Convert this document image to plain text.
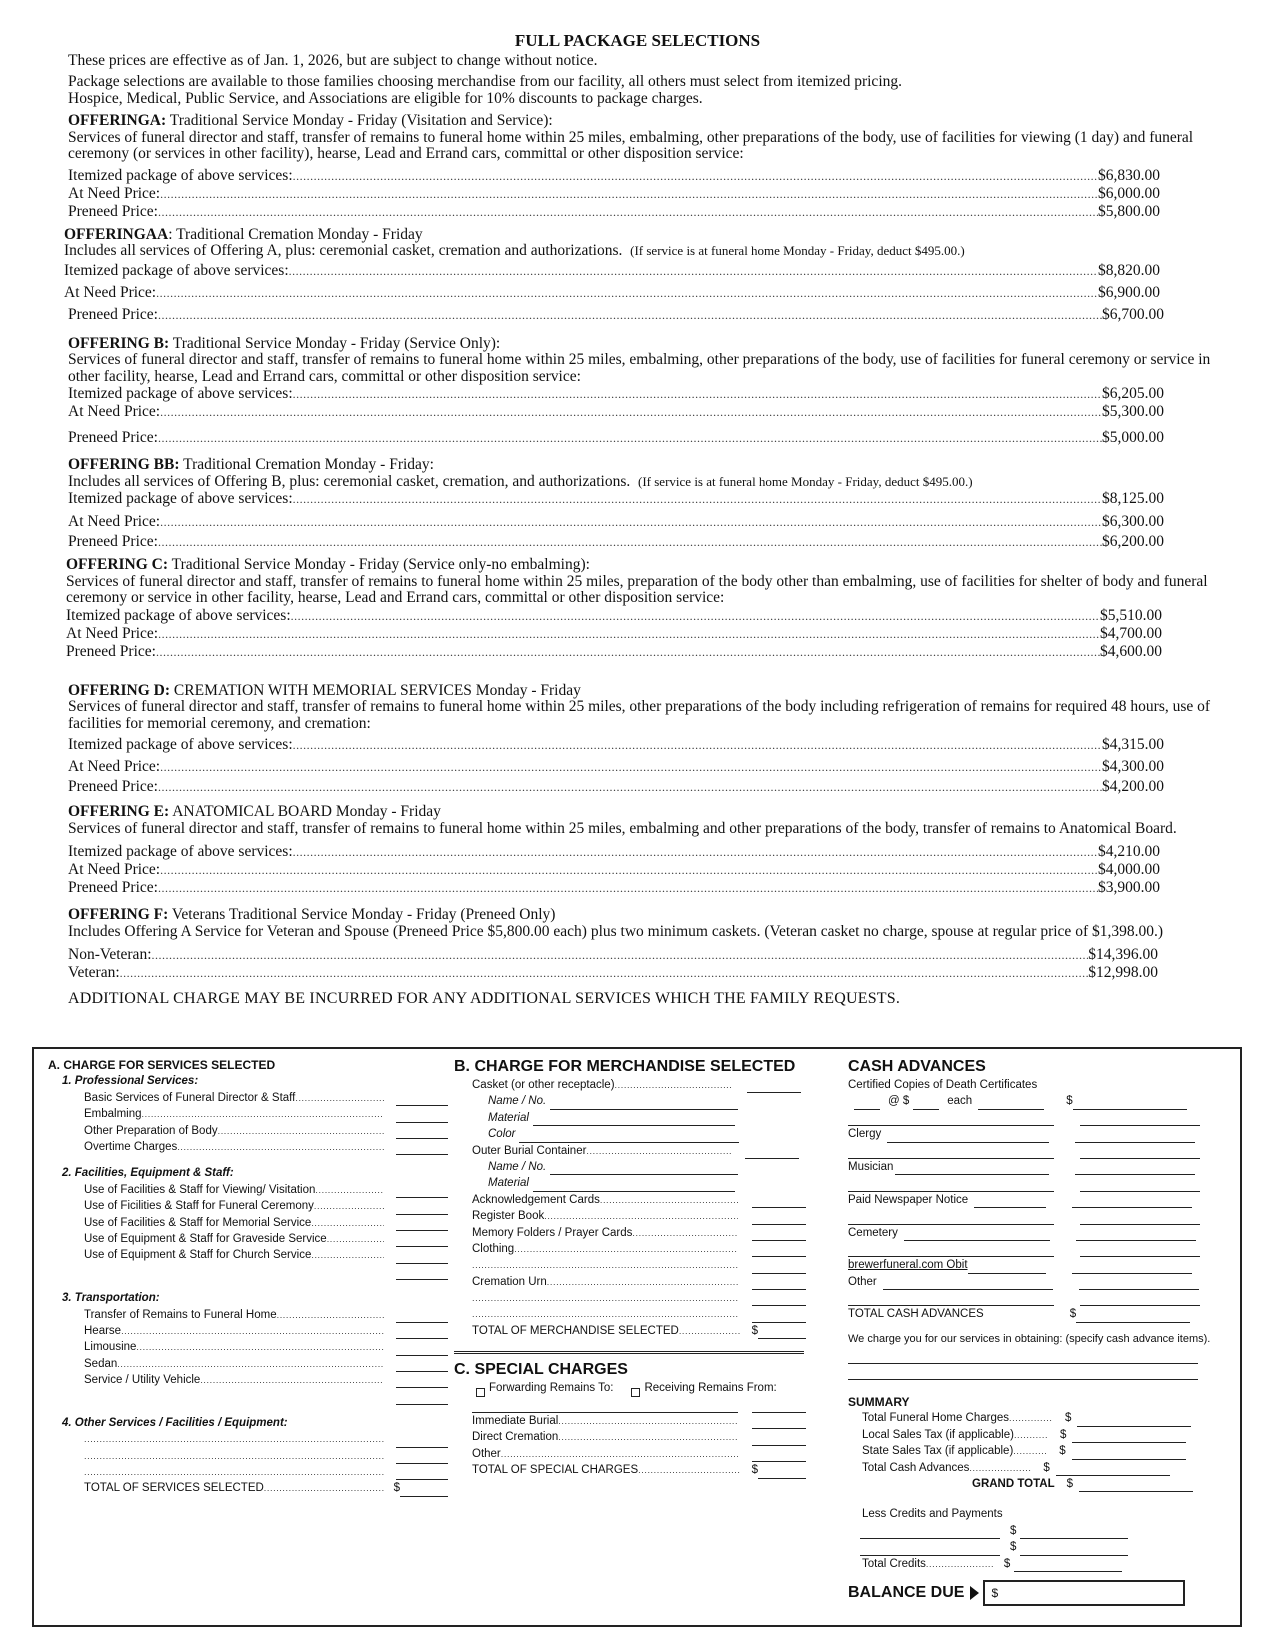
FULL PACKAGE SELECTIONS
These prices are effective as of Jan. 1, 2026, but are subject to change without notice.
Package selections are available to those families choosing merchandise from our facility, all others must select from itemized pricing.
Hospice, Medical, Public Service, and Associations are eligible for 10% discounts to package charges.
OFFERINGA: Traditional Service Monday - Friday (Visitation and Service):
Services of funeral director and staff, transfer of remains to funeral home within 25 miles, embalming, other preparations of the body, use of facilities for viewing (1 day) and funeral ceremony (or services in other facility), hearse, Lead and Errand cars, committal or other disposition service:
Itemized package of above services: .....	$6,830.00
At Need Price: .....	$6,000.00
Preneed Price: .....	$5,800.00
OFFERINGAA: Traditional Cremation Monday - Friday
Includes all services of Offering A, plus: ceremonial casket, cremation and authorizations. (If service is at funeral home Monday - Friday, deduct $495.00.)
Itemized package of above services: .....	$8,820.00
At Need Price: .....	$6,900.00
Preneed Price: .....	$6,700.00
OFFERING B: Traditional Service Monday - Friday (Service Only):
Services of funeral director and staff, transfer of remains to funeral home within 25 miles, embalming, other preparations of the body, use of facilities for funeral ceremony or service in other facility, hearse, Lead and Errand cars, committal or other disposition service:
Itemized package of above services: .....	$6,205.00
At Need Price: .....	$5,300.00
Preneed Price: .....	$5,000.00
OFFERING BB: Traditional Cremation Monday - Friday:
Includes all services of Offering B, plus: ceremonial casket, cremation, and authorizations. (If service is at funeral home Monday - Friday, deduct $495.00.)
Itemized package of above services: .....	$8,125.00
At Need Price: .....	$6,300.00
Preneed Price: .....	$6,200.00
OFFERING C: Traditional Service Monday - Friday (Service only-no embalming):
Services of funeral director and staff, transfer of remains to funeral home within 25 miles, preparation of the body other than embalming, use of facilities for shelter of body and funeral ceremony or service in other facility, hearse, Lead and Errand cars, committal or other disposition service:
Itemized package of above services: .....	$5,510.00
At Need Price: .....	$4,700.00
Preneed Price: .....	$4,600.00
OFFERING D: CREMATION WITH MEMORIAL SERVICES Monday - Friday
Services of funeral director and staff, transfer of remains to funeral home within 25 miles, other preparations of the body including refrigeration of remains for required 48 hours, use of facilities for memorial ceremony, and cremation:
Itemized package of above services: .....	$4,315.00
At Need Price: .....	$4,300.00
Preneed Price: .....	$4,200.00
OFFERING E: ANATOMICAL BOARD Monday - Friday
Services of funeral director and staff, transfer of remains to funeral home within 25 miles, embalming and other preparations of the body, transfer of remains to Anatomical Board.
Itemized package of above services: .....	$4,210.00
At Need Price: .....	$4,000.00
Preneed Price: .....	$3,900.00
OFFERING F: Veterans Traditional Service Monday - Friday (Preneed Only)
Includes Offering A Service for Veteran and Spouse (Preneed Price $5,800.00 each) plus two minimum caskets. (Veteran casket no charge, spouse at regular price of $1,398.00.)
Non-Veteran: .....	$14,396.00
Veteran: .....	$12,998.00
ADDITIONAL CHARGE MAY BE INCURRED FOR ANY ADDITIONAL SERVICES WHICH THE FAMILY REQUESTS.
A. CHARGE FOR SERVICES SELECTED
1. Professional Services:
Basic Services of Funeral Director & Staff
.....
Embalming
.....
Other Preparation of Body
.....
Overtime Charges
.....
2. Facilities, Equipment & Staff:
Use of Facilities & Staff for Viewing/ Visitation
.....
Use of Ficilities & Staff for Funeral Ceremony
.....
Use of Facilities & Staff for Memorial Service
.....
Use of Equipment & Staff for Graveside Service
.....
Use of Equipment & Staff for Church Service
.....
3. Transportation:
Transfer of Remains to Funeral Home
.....
Hearse
.....
Limousine
.....
Sedan
.....
Service / Utility Vehicle
.....
4. Other Services / Facilities / Equipment:
.....
.....
.....
TOTAL OF SERVICES SELECTED .....	$
B. CHARGE FOR MERCHANDISE SELECTED
Casket (or other receptacle)
.....
Name / No.
Material
Color
Outer Burial Container
.....
Name / No.
Material
Acknowledgement Cards
.....
Register Book
.....
Memory Folders / Prayer Cards
.....
Clothing
.....
.....
Cremation Urn
.....
.....
.....
TOTAL OF MERCHANDISE SELECTED .....	$
C. SPECIAL CHARGES
Forwarding Remains To:	Receiving Remains From:
Immediate Burial
.....
Direct Cremation
.....
Other
.....
TOTAL OF SPECIAL CHARGES .....	$
CASH ADVANCES
Certified Copies of Death Certificates
@ $	each	$
Clergy
Musician
Paid Newspaper Notice
Cemetery
brewerfuneral.com Obit
Other
TOTAL CASH ADVANCES	$
We charge you for our services in obtaining: (specify cash advance items).
SUMMARY
Total Funeral Home Charges .....	$
Local Sales Tax (if applicable) .....	$
State Sales Tax (if applicable) .....	$
Total Cash Advances .....	$
GRAND TOTAL $
Less Credits and Payments
$
$
Total Credits .....	$
BALANCE DUE	$
